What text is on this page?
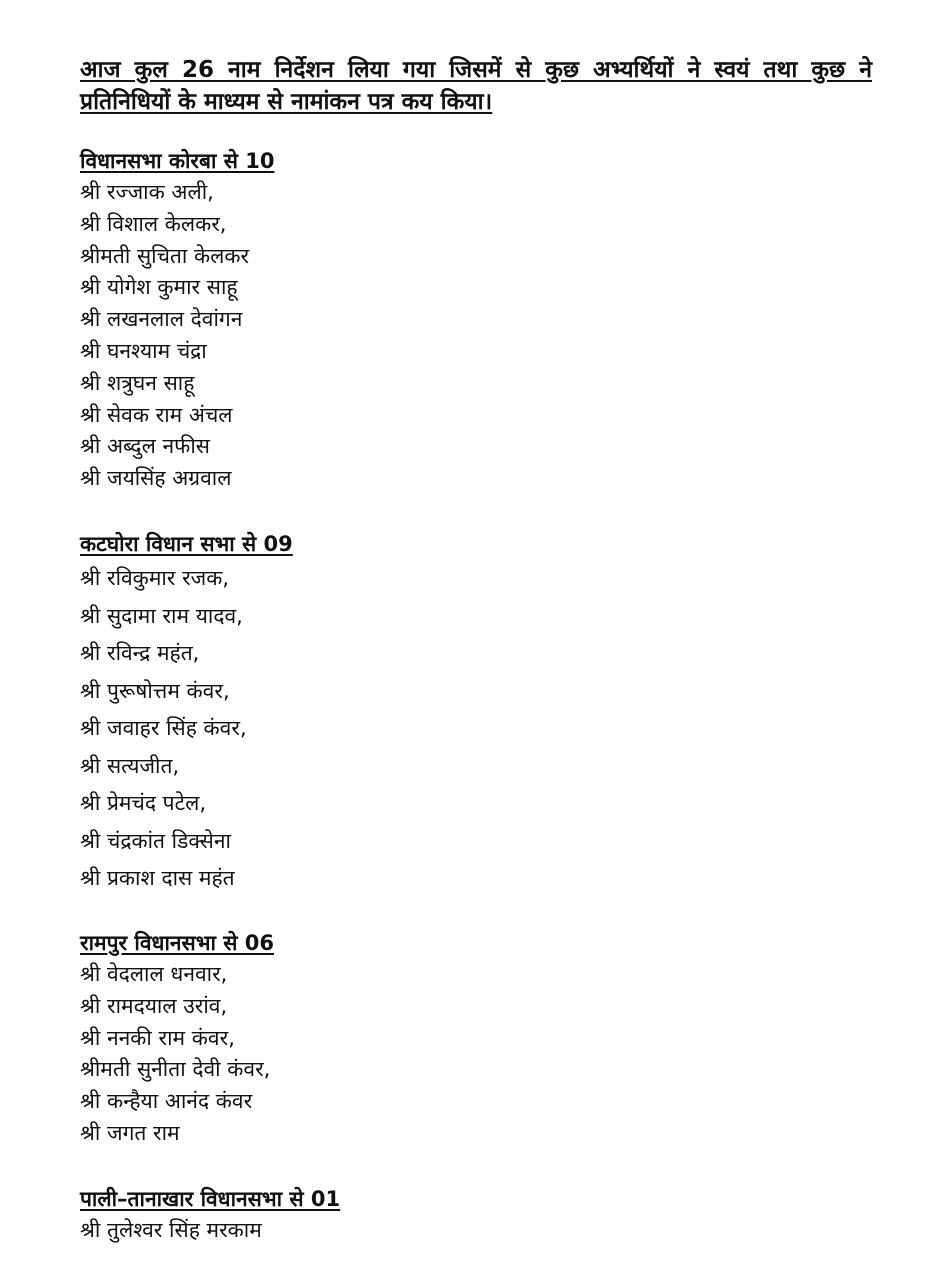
आज कुल 26 नाम निर्देशन लिया गया जिसमें से कुछ अभ्यर्थियों ने स्वयं तथा कुछ ने प्रतिनिधियों के माध्यम से नामांकन पत्र कय किया।

विधानसभा कोरबा से 10
श्री रज्जाक अली,
श्री विशाल केलकर,
श्रीमती सुचिता केलकर
श्री योगेश कुमार साहू
श्री लखनलाल देवांगन
श्री घनश्याम चंद्रा
श्री शत्रुघन साहू
श्री सेवक राम अंचल
श्री अब्दुल नफीस
श्री जयसिंह अग्रवाल
कटघोरा विधान सभा से 09
श्री रविकुमार रजक,
श्री सुदामा राम यादव,
श्री रविन्द्र महंत,
श्री पुरूषोत्तम कंवर,
श्री जवाहर सिंह कंवर,
श्री सत्यजीत,
श्री प्रेमचंद पटेल,
श्री चंद्रकांत डिक्सेना
श्री प्रकाश दास महंत
रामपुर विधानसभा से 06
श्री वेदलाल धनवार,
श्री रामदयाल उरांव,
श्री ननकी राम कंवर,
श्रीमती सुनीता देवी कंवर,
श्री कन्हैया आनंद कंवर
श्री जगत राम
पाली–तानाखार विधानसभा से 01
श्री तुलेश्वर सिंह मरकाम
